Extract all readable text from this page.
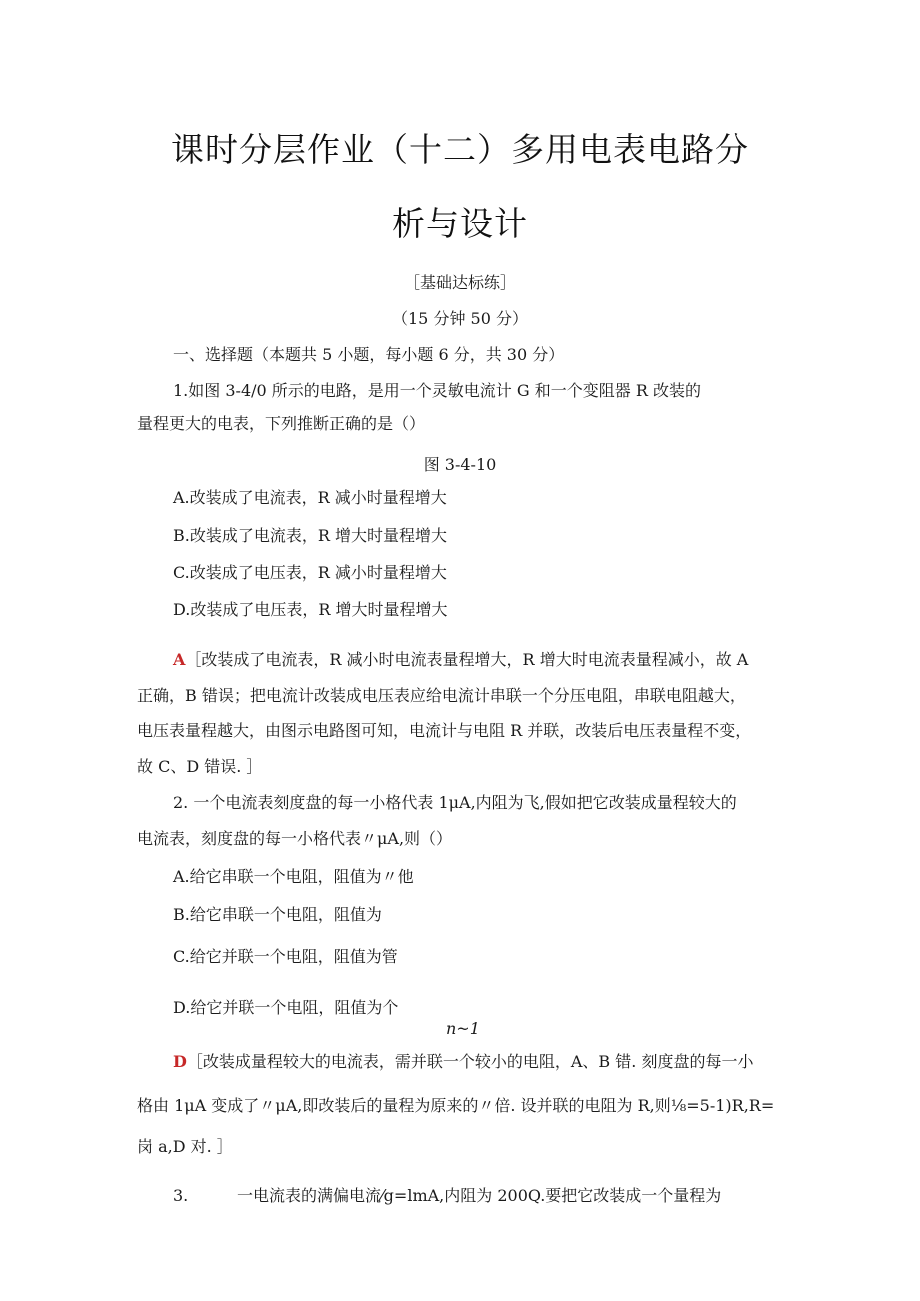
课时分层作业（十二）多用电表电路分
析与设计
［基础达标练］
（15 分钟 50 分）
一、选择题（本题共 5 小题，每小题 6 分，共 30 分）
1.如图 3-4/0 所示的电路，是用一个灵敏电流计 G 和一个变阻器 R 改装的
量程更大的电表，下列推断正确的是（）
图 3-4-10
A.改装成了电流表，R 减小时量程增大
B.改装成了电流表，R 增大时量程增大
C.改装成了电压表，R 减小时量程增大
D.改装成了电压表，R 增大时量程增大
A［改装成了电流表，R 减小时电流表量程增大，R 增大时电流表量程减小，故 A
正确，B 错误；把电流计改装成电压表应给电流计串联一个分压电阻，串联电阻越大，
电压表量程越大，由图示电路图可知，电流计与电阻 R 并联，改装后电压表量程不变，
故 C、D 错误. ］
2. 一个电流表刻度盘的每一小格代表 1μA,内阻为飞,假如把它改装成量程较大的
电流表，刻度盘的每一小格代表〃μA,则（）
A.给它串联一个电阻，阻值为〃他
B.给它串联一个电阻，阻值为
C.给它并联一个电阻，阻值为管
D.给它并联一个电阻，阻值为个
n~1
D［改装成量程较大的电流表，需并联一个较小的电阻，A、B 错. 刻度盘的每一小
格由 1μA 变成了〃μA,即改装后的量程为原来的〃倍. 设并联的电阻为 R,则⅛=5-1)R,R=
岗 a,D 对. ］
3.	一电流表的满偏电流⁄g=lmA,内阻为 200Q.要把它改装成一个量程为
